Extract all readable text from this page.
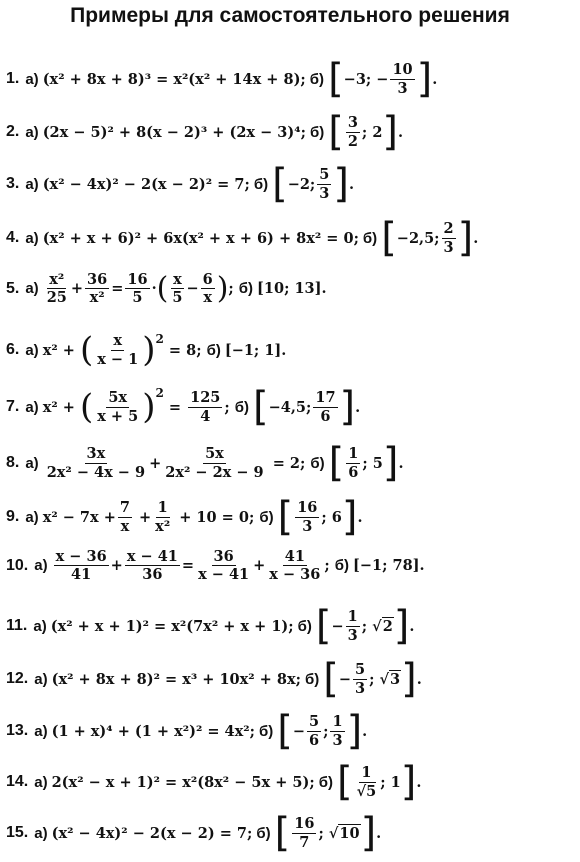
Примеры для самостоятельного решения
1. а) (x² + 8x + 8)³ = x²(x² + 14x + 8); б) [ −3; − $\frac{10}{3}$ ] .
2. а) (2x − 5)² + 8(x − 2)³ + (2x − 3)⁴; б) [ $\frac{3}{2}$ ; 2 ] .
3. а) (x² − 4x)² − 2(x − 2)² = 7; б) [ −2; $\frac{5}{3}$ ] .
4. а) (x² + x + 6)² + 6x(x² + x + 6) + 8x² = 0; б) [ −2,5; $\frac{2}{3}$ ] .
5. $а) \frac{\text{x²}}{25} + \frac{36}{\text{x²}} = \frac{16}{5}$ · ( $\frac{x}{5} - \frac{6}{x}$ ) ; б) [10; 13].
6. а) x² + ( $\frac{x}{x - 1} )^2$

= 8; б) [−1; 1].
7. а) x² + ( $\frac{5x}{x + 5} )^2$
= $\frac{125}{4}$ ; б) [ −4,5; $\frac{17}{6}$ ] .
8. $а) \frac{3x}{\text{2x² − 4x − 9}} + \frac{5x}{\text{2x² − 2x − 9}}$
= 2; б) [ $\frac{1}{6}$ ; 5 ] .
9. а) $x^2 - 7x + \frac{7}{x} + \frac{1}{\text{x²}}$
+ 10 = 0; б) [ $\frac{16}{3}$ ; 6 ] .
10. $а) \frac{x - 36}{41} + \frac{x - 41}{36} = \frac{36}{x - 41} + \frac{41}{x - 36}$ ; б) [−1; 78].
11. а) (x² + x + 1)² = x²(7x² + x + 1); б) [ − $\frac{1}{3}$ ; √ 2 ] .
12. а) (x² + 8x + 8)² = x³ + 10x² + 8x; б) [ − $\frac{5}{3}$ ; √ 3 ] .
13. а) (1 + x)⁴ + (1 + x²)² = 4x²; б) [ − $\frac{5}{6}$ ; $\frac{1}{3}$ ] .
14. а) 2(x² − x + 1)² = x²(8x² − 5x + 5); б) [ $\frac{1}{√5}$ ; 1 ] .
15. а) (x² − 4x)² − 2(x − 2) = 7; б) [ $\frac{16}{7}$ ; √ 10 ] .
